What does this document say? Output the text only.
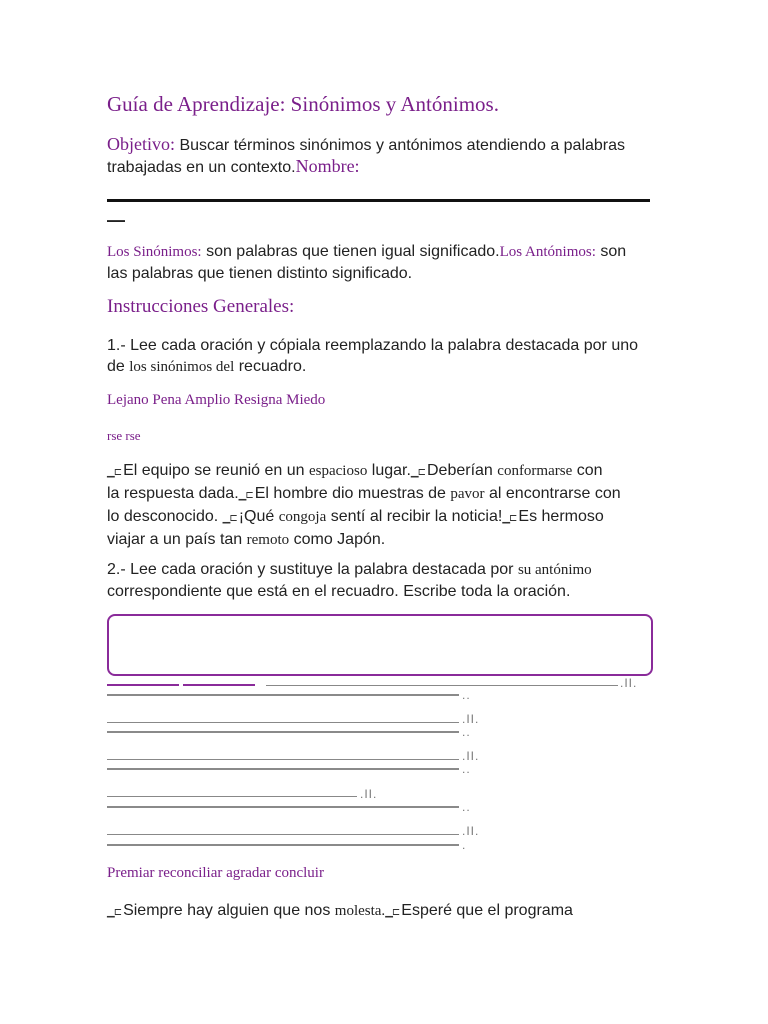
Guía de Aprendizaje: Sinónimos y Antónimos.
Objetivo: Buscar términos sinónimos y antónimos atendiendo a palabras
trabajadas en un contexto.Nombre:
—
Los Sinónimos: son palabras que tienen igual significado.Los Antónimos: son
las palabras que tienen distinto significado.
Instrucciones Generales:
1.- Lee cada oración y cópiala reemplazando la palabra destacada por uno
de los sinónimos del recuadro.
Lejano Pena Amplio Resigna Miedo
rse rse
▁⊏ El equipo se reunió en un espacioso lugar.▁⊏ Deberían conformarse con
la respuesta dada.▁⊏ El hombre dio muestras de pavor al encontrarse con
lo desconocido. ▁⊏ ¡Qué congoja sentí al recibir la noticia!▁⊏ Es hermoso
viajar a un país tan remoto como Japón.
2.- Lee cada oración y sustituye la palabra destacada por su antónimo
correspondiente que está en el recuadro. Escribe toda la oración.
.II.
..
.II.
..
.II.
..
.II.
..
.II.
.
Premiar reconciliar agradar concluir
▁⊏ Siempre hay alguien que nos molesta.▁⊏ Esperé que el programa
